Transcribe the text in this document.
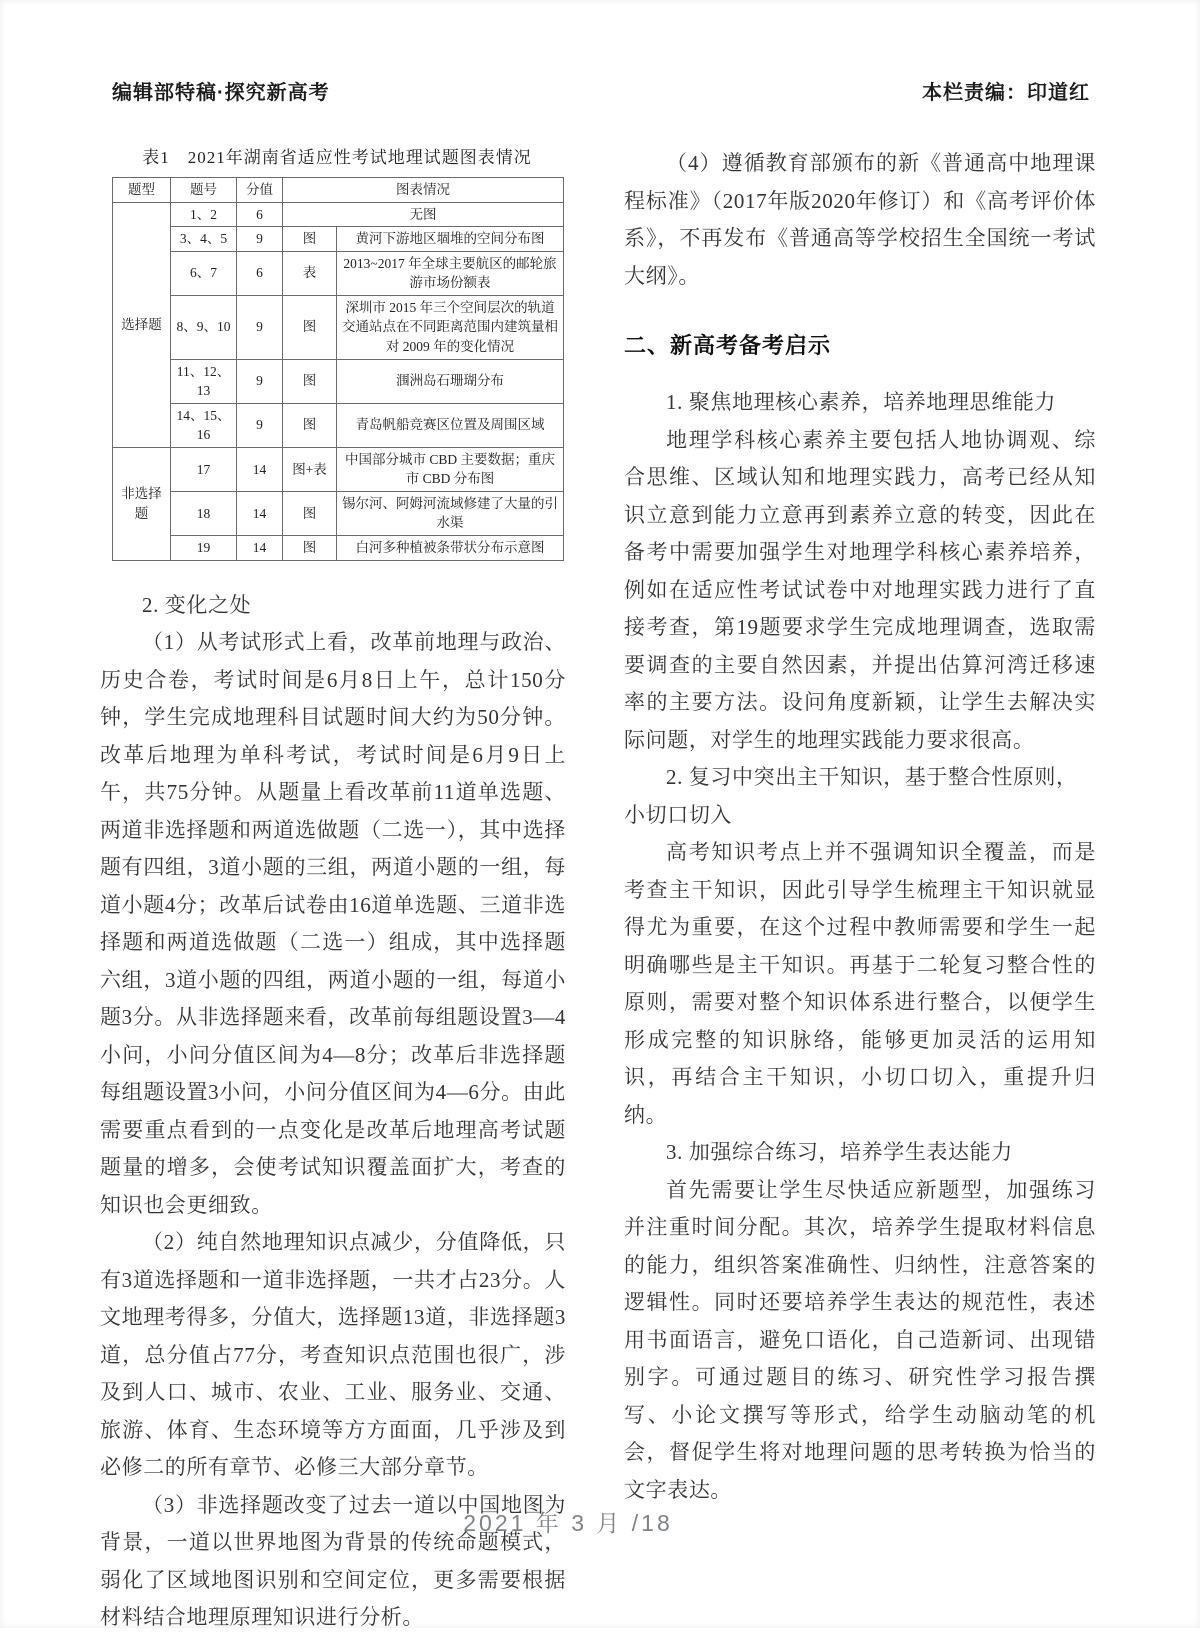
编辑部特稿·探究新高考	本栏责编：印道红
表1　2021年湖南省适应性考试地理试题图表情况
题型	题号	分值	图表情况	
选择题	1、2	6	无图	
	3、4、5	9	图	黄河下游地区堌堆的空间分布图
	6、7	6	表	2013~2017 年全球主要航区的邮轮旅游市场份额表
	8、9、10	9	图	深圳市 2015 年三个空间层次的轨道交通站点在不同距离范围内建筑量相对 2009 年的变化情况
	11、12、13	9	图	涠洲岛石珊瑚分布
	14、15、16	9	图	青岛帆船竞赛区位置及周围区域
非选择题	17	14	图+表	中国部分城市 CBD 主要数据；重庆市 CBD 分布图
	18	14	图	锡尔河、阿姆河流域修建了大量的引水渠
	19	14	图	白河多种植被条带状分布示意图

2. 变化之处

（1）从考试形式上看，改革前地理与政治、历史合卷，考试时间是6月8日上午，总计150分钟，学生完成地理科目试题时间大约为50分钟。改革后地理为单科考试，考试时间是6月9日上午，共75分钟。从题量上看改革前11道单选题、两道非选择题和两道选做题（二选一），其中选择题有四组，3道小题的三组，两道小题的一组，每道小题4分；改革后试卷由16道单选题、三道非选择题和两道选做题（二选一）组成，其中选择题六组，3道小题的四组，两道小题的一组，每道小题3分。从非选择题来看，改革前每组题设置3—4小问，小问分值区间为4—8分；改革后非选择题每组题设置3小问，小问分值区间为4—6分。由此需要重点看到的一点变化是改革后地理高考试题题量的增多，会使考试知识覆盖面扩大，考查的知识也会更细致。

（2）纯自然地理知识点减少，分值降低，只有3道选择题和一道非选择题，一共才占23分。人文地理考得多，分值大，选择题13道，非选择题3道，总分值占77分，考查知识点范围也很广，涉及到人口、城市、农业、工业、服务业、交通、旅游、体育、生态环境等方方面面，几乎涉及到必修二的所有章节、必修三大部分章节。

（3）非选择题改变了过去一道以中国地图为背景，一道以世界地图为背景的传统命题模式，弱化了区域地图识别和空间定位，更多需要根据材料结合地理原理知识进行分析。

（4）遵循教育部颁布的新《普通高中地理课程标准》（2017年版2020年修订）和《高考评价体系》，不再发布《普通高等学校招生全国统一考试大纲》。

二、新高考备考启示

1. 聚焦地理核心素养，培养地理思维能力

地理学科核心素养主要包括人地协调观、综合思维、区域认知和地理实践力，高考已经从知识立意到能力立意再到素养立意的转变，因此在备考中需要加强学生对地理学科核心素养培养，例如在适应性考试试卷中对地理实践力进行了直接考查，第19题要求学生完成地理调查，选取需要调查的主要自然因素，并提出估算河湾迁移速率的主要方法。设问角度新颖，让学生去解决实际问题，对学生的地理实践能力要求很高。

2. 复习中突出主干知识，基于整合性原则，小切口切入

高考知识考点上并不强调知识全覆盖，而是考查主干知识，因此引导学生梳理主干知识就显得尤为重要，在这个过程中教师需要和学生一起明确哪些是主干知识。再基于二轮复习整合性的原则，需要对整个知识体系进行整合，以便学生形成完整的知识脉络，能够更加灵活的运用知识，再结合主干知识，小切口切入，重提升归纳。

3. 加强综合练习，培养学生表达能力

首先需要让学生尽快适应新题型，加强练习并注重时间分配。其次，培养学生提取材料信息的能力，组织答案准确性、归纳性，注意答案的逻辑性。同时还要培养学生表达的规范性，表述用书面语言，避免口语化，自己造新词、出现错别字。可通过题目的练习、研究性学习报告撰写、小论文撰写等形式，给学生动脑动笔的机会，督促学生将对地理问题的思考转换为恰当的文字表达。

2021 年 3 月 /18
